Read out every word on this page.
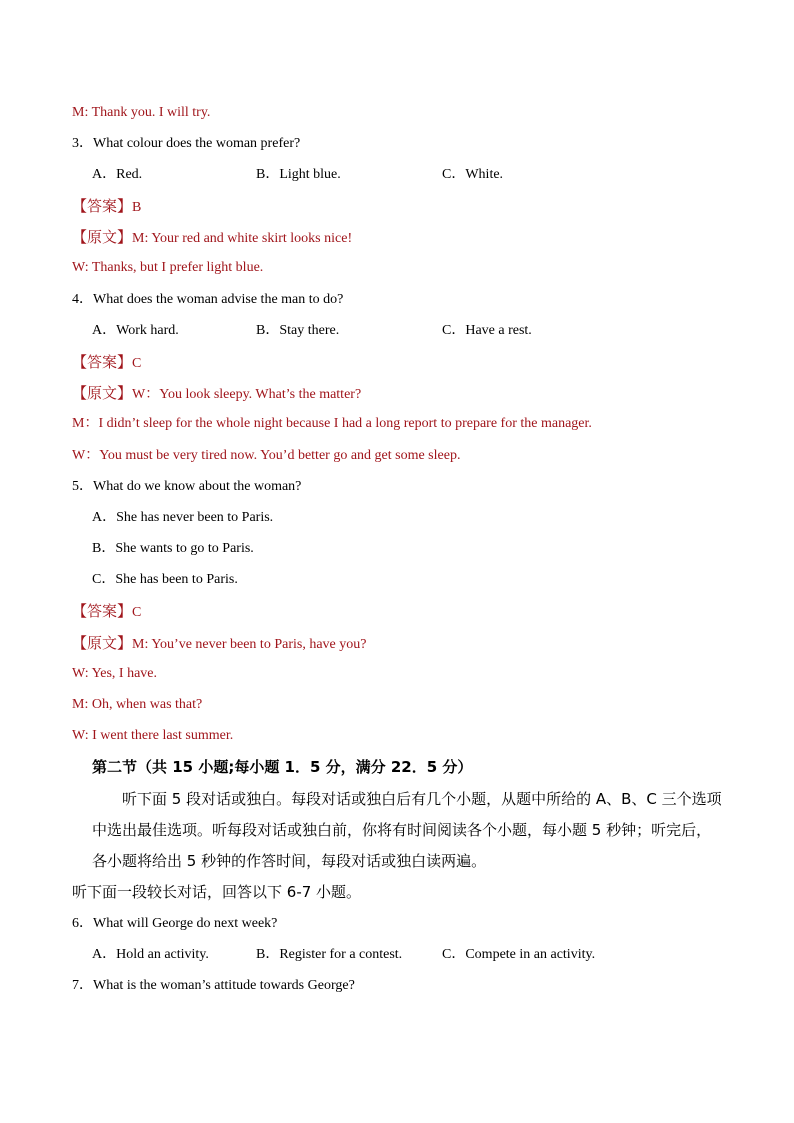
M: Thank you. I will try.
3．What colour does the woman prefer?
A．Red.	B．Light blue.	C．White.
【答案】B
【原文】M: Your red and white skirt looks nice!
W: Thanks, but I prefer light blue.
4．What does the woman advise the man to do?
A．Work hard.	B．Stay there.	C．Have a rest.
【答案】C
【原文】W：You look sleepy. What’s the matter?
M：I didn’t sleep for the whole night because I had a long report to prepare for the manager.
W：You must be very tired now. You’d better go and get some sleep.
5．What do we know about the woman?
A．She has never been to Paris.
B．She wants to go to Paris.
C．She has been to Paris.
【答案】C
【原文】M: You’ve never been to Paris, have you?
W: Yes, I have.
M: Oh, when was that?
W: I went there last summer.
第二节（共 15 小题;每小题 1．5 分，满分 22．5 分）
听下面 5 段对话或独白。每段对话或独白后有几个小题，从题中所给的 A、B、C 三个选项中选出最佳选项。听每段对话或独白前，你将有时间阅读各个小题，每小题 5 秒钟；听完后，各小题将给出 5 秒钟的作答时间，每段对话或独白读两遍。
听下面一段较长对话，回答以下 6-7 小题。
6．What will George do next week?
A．Hold an activity.	B．Register for a contest.	C．Compete in an activity.
7．What is the woman’s attitude towards George?
